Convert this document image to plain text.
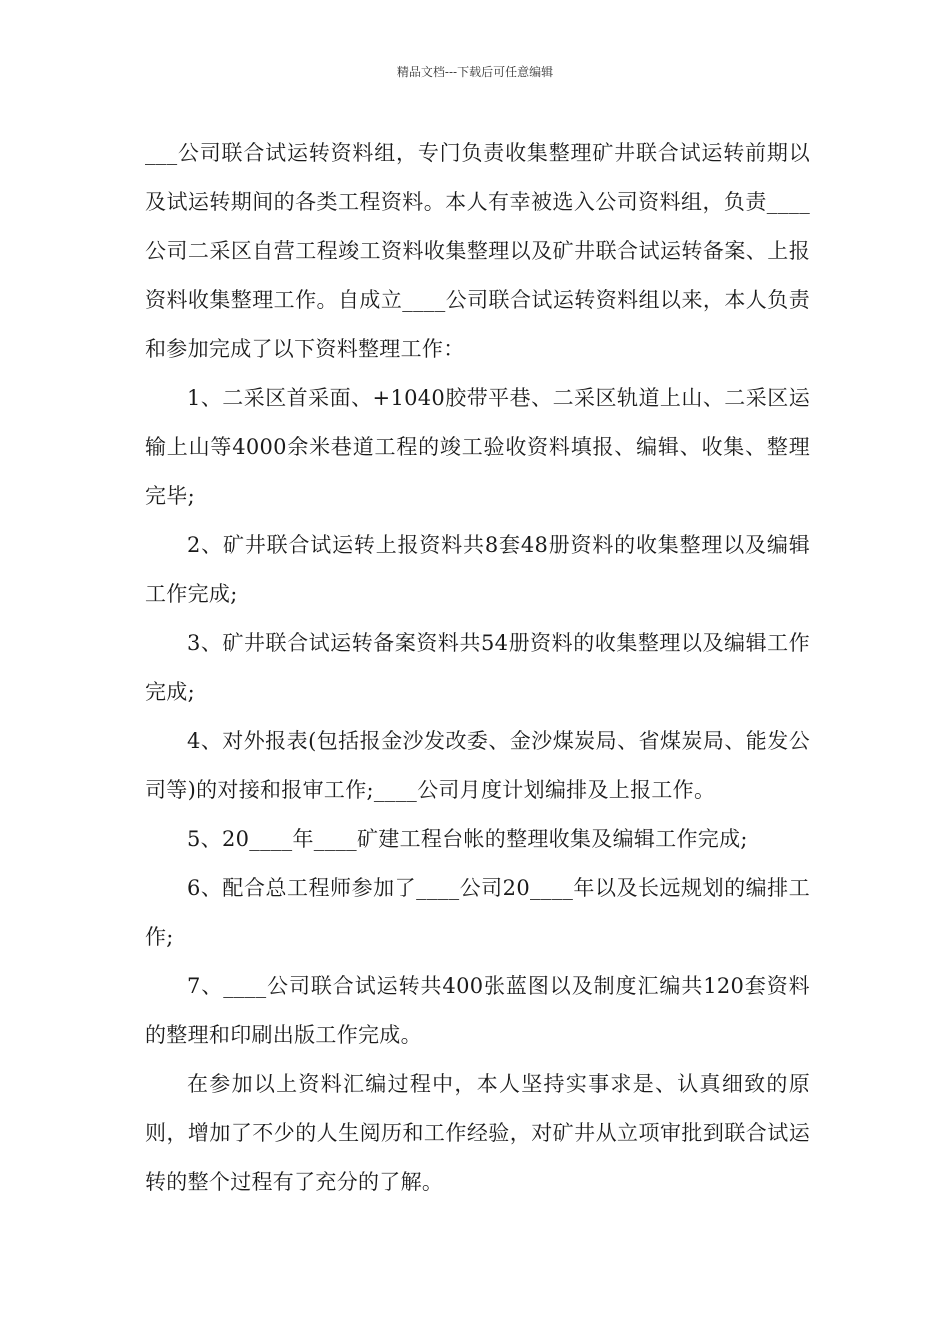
精品文档---下载后可任意编辑

___公司联合试运转资料组，专门负责收集整理矿井联合试运转前期以及试运转期间的各类工程资料。本人有幸被选入公司资料组，负责____公司二采区自营工程竣工资料收集整理以及矿井联合试运转备案、上报资料收集整理工作。自成立____公司联合试运转资料组以来，本人负责和参加完成了以下资料整理工作：

1、二采区首采面、+1040胶带平巷、二采区轨道上山、二采区运输上山等4000余米巷道工程的竣工验收资料填报、编辑、收集、整理完毕;

2、矿井联合试运转上报资料共8套48册资料的收集整理以及编辑工作完成;

3、矿井联合试运转备案资料共54册资料的收集整理以及编辑工作完成;

4、对外报表(包括报金沙发改委、金沙煤炭局、省煤炭局、能发公司等)的对接和报审工作;____公司月度计划编排及上报工作。

5、20____年____矿建工程台帐的整理收集及编辑工作完成;

6、配合总工程师参加了____公司20____年以及长远规划的编排工作;

7、____公司联合试运转共400张蓝图以及制度汇编共120套资料的整理和印刷出版工作完成。

在参加以上资料汇编过程中，本人坚持实事求是、认真细致的原则，增加了不少的人生阅历和工作经验，对矿井从立项审批到联合试运转的整个过程有了充分的了解。
